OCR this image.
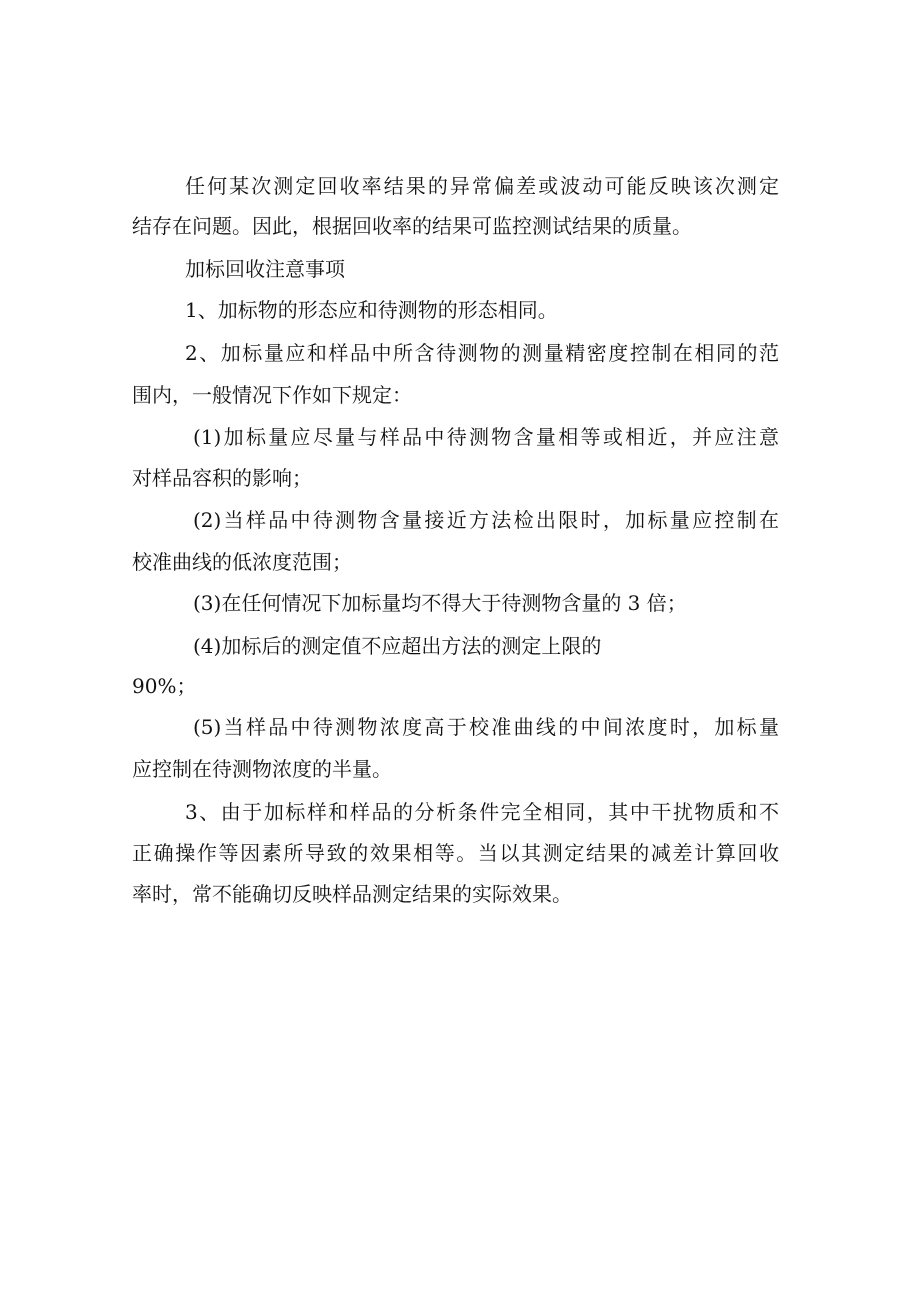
任何某次测定回收率结果的异常偏差或波动可能反映该次测定
结存在问题。因此，根据回收率的结果可监控测试结果的质量。
加标回收注意事项
1、加标物的形态应和待测物的形态相同。
2、加标量应和样品中所含待测物的测量精密度控制在相同的范
围内，一般情况下作如下规定：
(1)加标量应尽量与样品中待测物含量相等或相近，并应注意
对样品容积的影响；
(2)当样品中待测物含量接近方法检出限时，加标量应控制在
校准曲线的低浓度范围；
(3)在任何情况下加标量均不得大于待测物含量的 3 倍；
(4)加标后的测定值不应超出方法的测定上限的
90%；
(5)当样品中待测物浓度高于校准曲线的中间浓度时，加标量
应控制在待测物浓度的半量。
3、由于加标样和样品的分析条件完全相同，其中干扰物质和不
正确操作等因素所导致的效果相等。当以其测定结果的减差计算回收
率时，常不能确切反映样品测定结果的实际效果。
